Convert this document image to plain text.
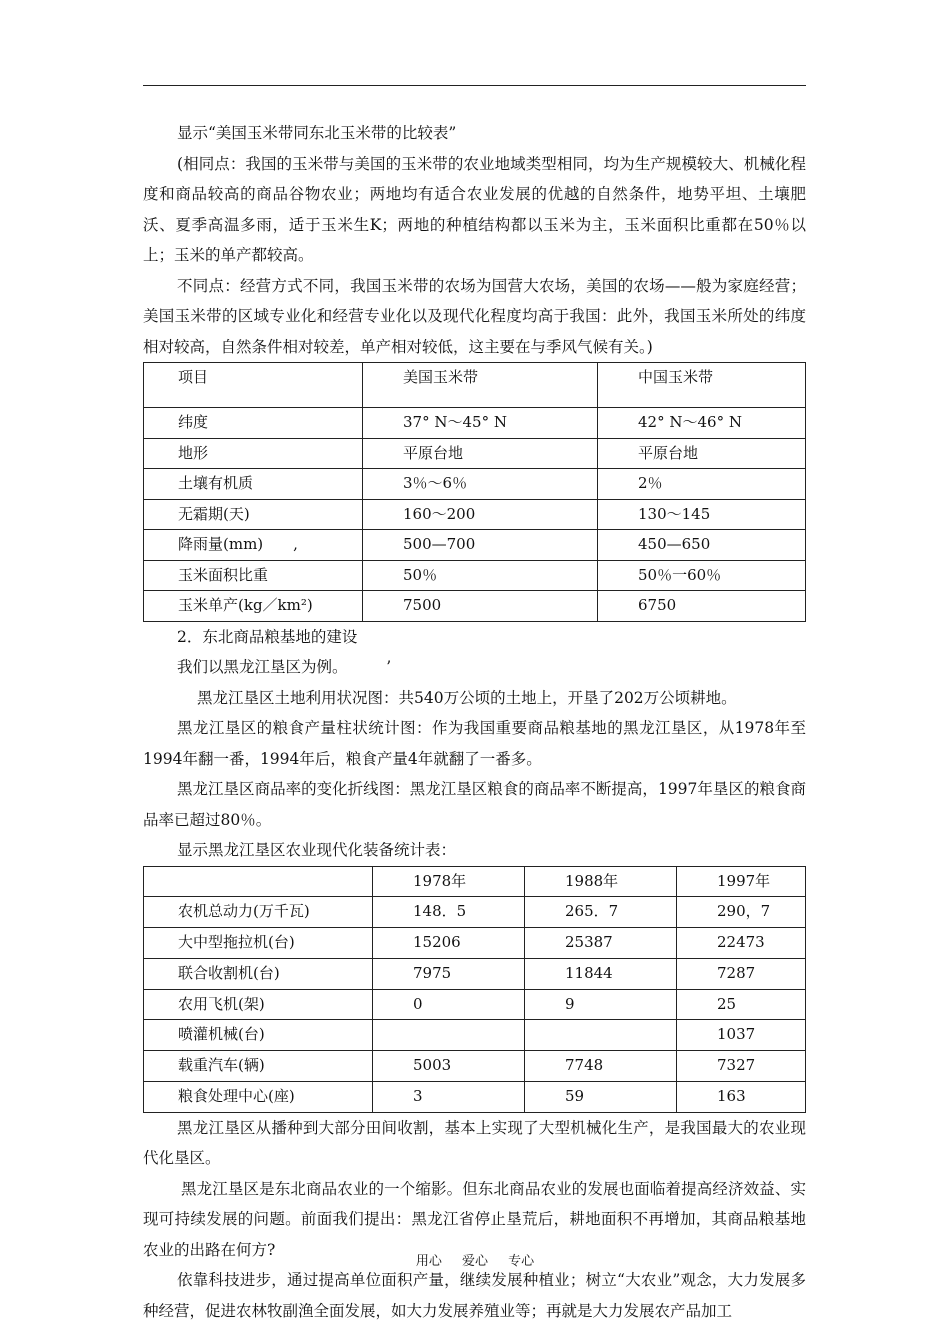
显示“美国玉米带同东北玉米带的比较表”

(相同点：我国的玉米带与美国的玉米带的农业地域类型相同，均为生产规模较大、机械化程度和商品较高的商品谷物农业；两地均有适合农业发展的优越的自然条件，地势平坦、土壤肥沃、夏季高温多雨，适于玉米生K；两地的种植结构都以玉米为主，玉米面积比重都在50％以上；玉米的单产都较高。

不同点：经营方式不同，我国玉米带的农场为国营大农场，美国的农场——般为家庭经营；美国玉米带的区域专业化和经营专业化以及现代化程度均高于我国：此外，我国玉米所处的纬度相对较高，自然条件相对较差，单产相对较低，这主要在与季风气候有关。)

项目	美国玉米带	中国玉米带
纬度	37° N～45° N	42° N～46° N
地形	平原台地	平原台地
土壤有机质	3％～6％	2％
无霜期(天)	160～200	130～145
降雨量(mm)　　,	500—700	450—650
玉米面积比重	50％	50％一60％
玉米单产(kg／km²)	7500	6750

2．东北商品粮基地的建设

我们以黑龙江垦区为例。　　　’

黑龙江垦区土地利用状况图：共540万公顷的土地上，开垦了202万公顷耕地。

黑龙江垦区的粮食产量柱状统计图：作为我国重要商品粮基地的黑龙江垦区，从1978年至1994年翻一番，1994年后，粮食产量4年就翻了一番多。

黑龙江垦区商品率的变化折线图：黑龙江垦区粮食的商品率不断提高，1997年垦区的粮食商品率已超过80％。

显示黑龙江垦区农业现代化装备统计表：

	1978年	1988年	1997年
农机总动力(万千瓦)	148．5	265．7	290，7
大中型拖拉机(台)	15206	25387	22473
联合收割机(台)	7975	11844	7287
农用飞机(架)	0	9	25
喷灌机械(台)			1037
载重汽车(辆)	5003	7748	7327
粮食处理中心(座)	3	59	163

黑龙江垦区从播种到大部分田间收割，基本上实现了大型机械化生产，是我国最大的农业现代化垦区。

黑龙江垦区是东北商品农业的一个缩影。但东北商品农业的发展也面临着提高经济效益、实现可持续发展的问题。前面我们提出：黑龙江省停止垦荒后，耕地面积不再增加，其商品粮基地农业的出路在何方?

依靠科技进步，通过提高单位面积产量，继续发展种植业；树立“大农业”观念，大力发展多种经营，促进农林牧副渔全面发展，如大力发展养殖业等；再就是大力发展农产品加工

用心 爱心 专心
